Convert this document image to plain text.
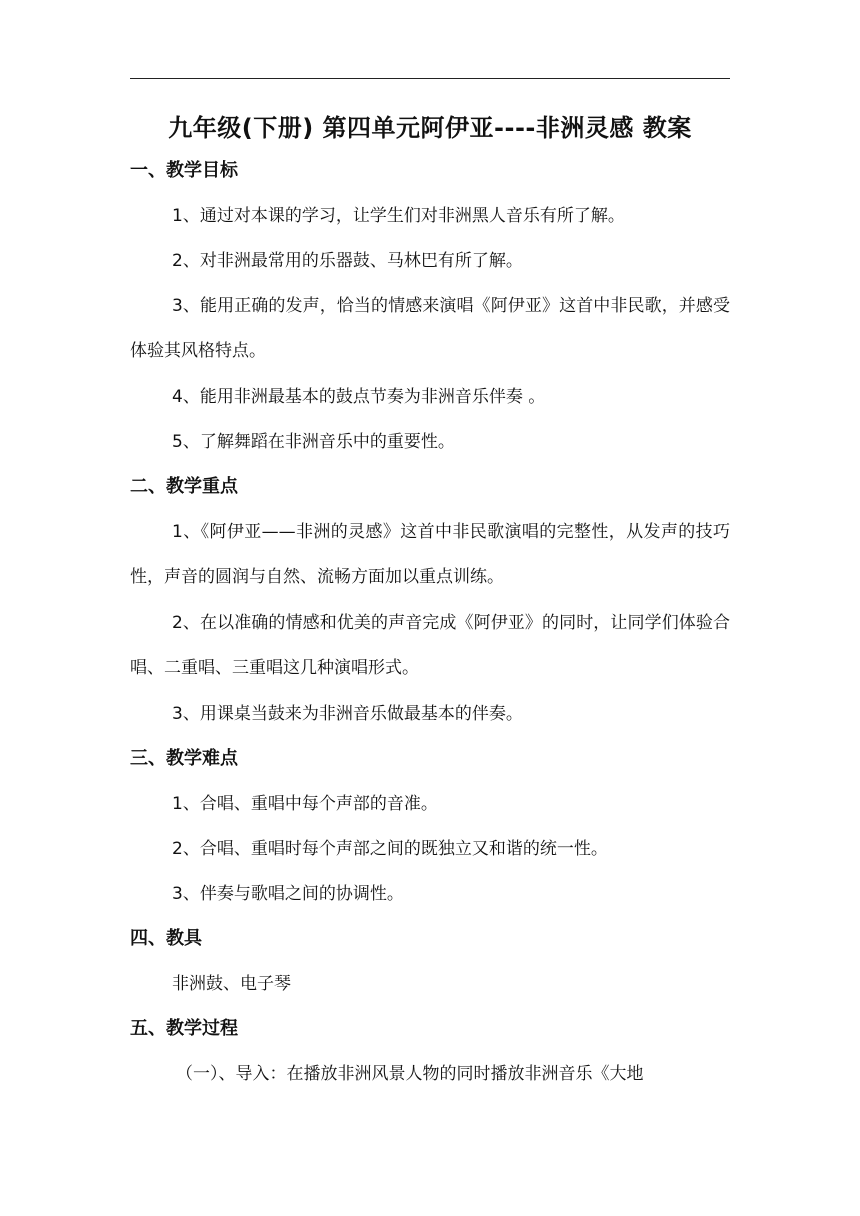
九年级(下册) 第四单元阿伊亚----非洲灵感 教案
一、教学目标
1、通过对本课的学习，让学生们对非洲黑人音乐有所了解。
2、对非洲最常用的乐器鼓、马林巴有所了解。
3、能用正确的发声，恰当的情感来演唱《阿伊亚》这首中非民歌，并感受体验其风格特点。
4、能用非洲最基本的鼓点节奏为非洲音乐伴奏 。
5、了解舞蹈在非洲音乐中的重要性。
二、教学重点
1、《阿伊亚——非洲的灵感》这首中非民歌演唱的完整性，从发声的技巧性，声音的圆润与自然、流畅方面加以重点训练。
2、在以准确的情感和优美的声音完成《阿伊亚》的同时，让同学们体验合唱、二重唱、三重唱这几种演唱形式。
3、用课桌当鼓来为非洲音乐做最基本的伴奏。
三、教学难点
1、合唱、重唱中每个声部的音准。
2、合唱、重唱时每个声部之间的既独立又和谐的统一性。
3、伴奏与歌唱之间的协调性。
四、教具
非洲鼓、电子琴
五、教学过程
（一）、导入：在播放非洲风景人物的同时播放非洲音乐《大地
